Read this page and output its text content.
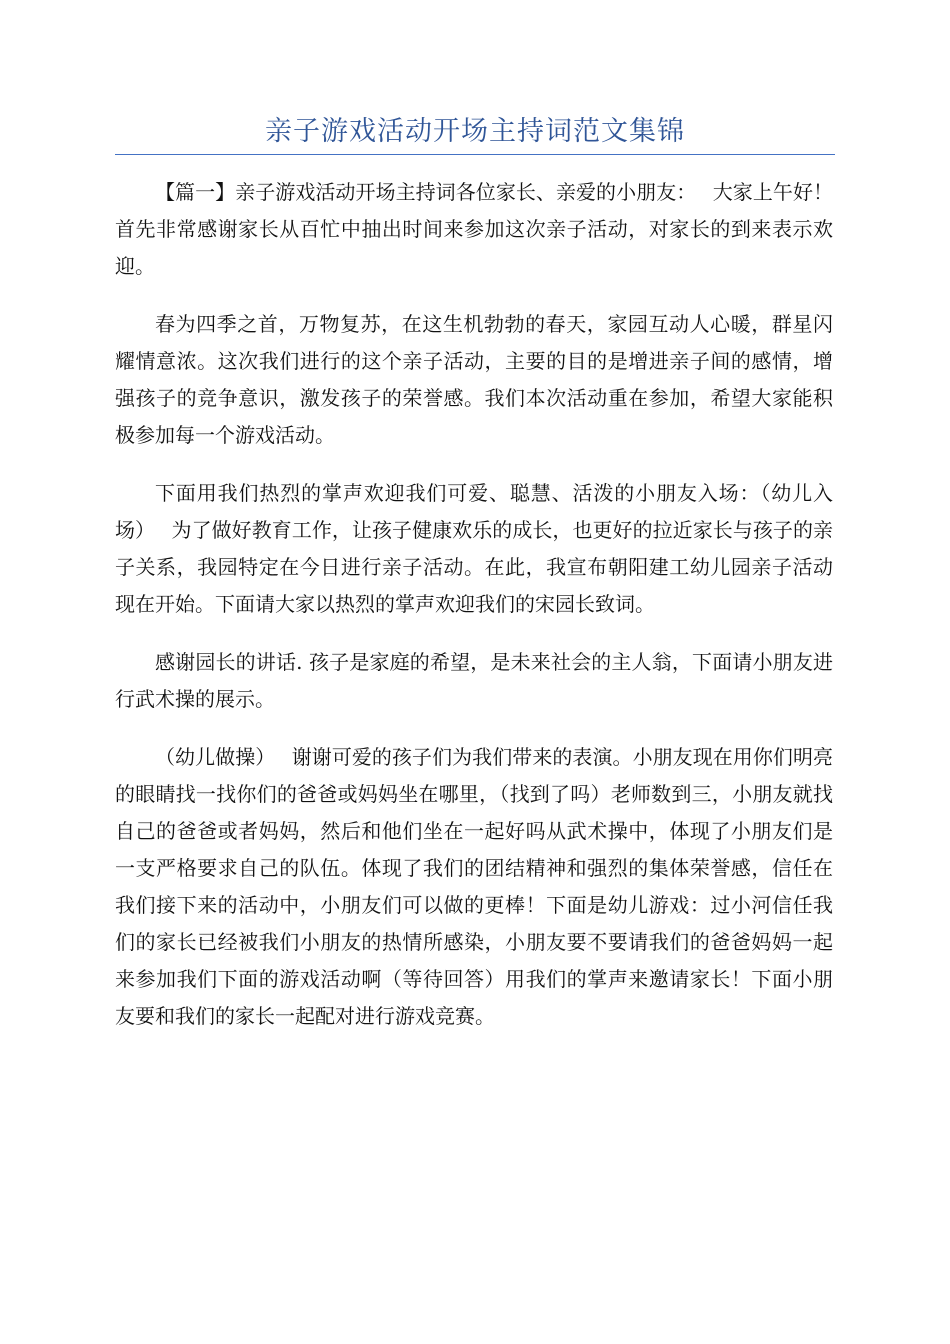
亲子游戏活动开场主持词范文集锦

【篇一】亲子游戏活动开场主持词各位家长、亲爱的小朋友：　 大家上午好！首先非常感谢家长从百忙中抽出时间来参加这次亲子活动，对家长的到来表示欢迎。

春为四季之首，万物复苏，在这生机勃勃的春天，家园互动人心暖，群星闪耀情意浓。这次我们进行的这个亲子活动，主要的目的是增进亲子间的感情，增强孩子的竞争意识，激发孩子的荣誉感。我们本次活动重在参加，希望大家能积极参加每一个游戏活动。

下面用我们热烈的掌声欢迎我们可爱、聪慧、活泼的小朋友入场：（幼儿入场）　 为了做好教育工作，让孩子健康欢乐的成长，也更好的拉近家长与孩子的亲子关系，我园特定在今日进行亲子活动。在此，我宣布朝阳建工幼儿园亲子活动现在开始。下面请大家以热烈的掌声欢迎我们的宋园长致词。

感谢园长的讲话. 孩子是家庭的希望，是未来社会的主人翁，下面请小朋友进行武术操的展示。

（幼儿做操）　 谢谢可爱的孩子们为我们带来的表演。小朋友现在用你们明亮的眼睛找一找你们的爸爸或妈妈坐在哪里，（找到了吗）老师数到三，小朋友就找自己的爸爸或者妈妈，然后和他们坐在一起好吗从武术操中，体现了小朋友们是一支严格要求自己的队伍。体现了我们的团结精神和强烈的集体荣誉感，信任在我们接下来的活动中，小朋友们可以做的更棒！下面是幼儿游戏：过小河信任我们的家长已经被我们小朋友的热情所感染，小朋友要不要请我们的爸爸妈妈一起来参加我们下面的游戏活动啊（等待回答）用我们的掌声来邀请家长！下面小朋友要和我们的家长一起配对进行游戏竞赛。
